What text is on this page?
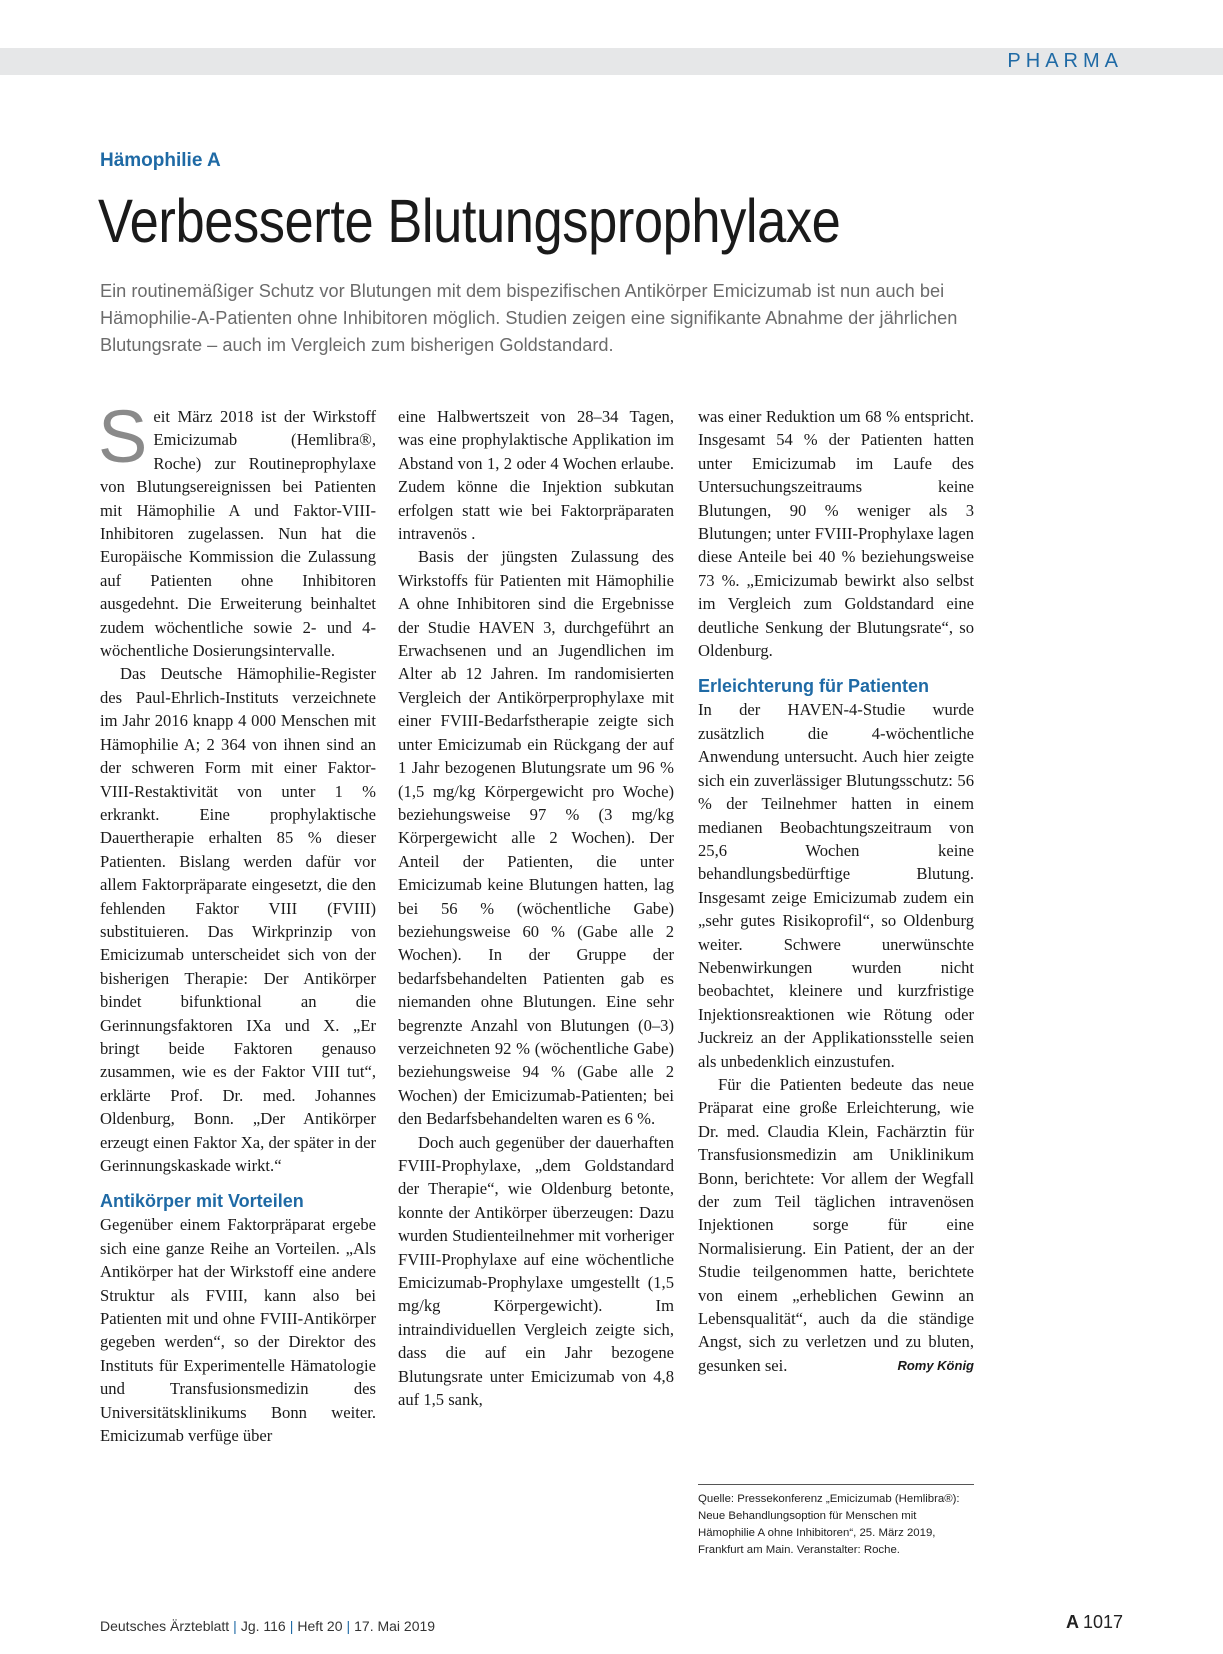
PHARMA
Hämophilie A
Verbesserte Blutungsprophylaxe

Ein routinemäßiger Schutz vor Blutungen mit dem bispezifischen Antikörper Emicizumab ist nun auch bei Hämophilie-A-Patienten ohne Inhibitoren möglich. Studien zeigen eine signifikante Abnahme der jährlichen Blutungsrate – auch im Vergleich zum bisherigen Goldstandard.

Seit März 2018 ist der Wirkstoff Emicizumab (Hemlibra®, Roche) zur Routineprophylaxe von Blutungsereignissen bei Patienten mit Hämophilie A und Faktor-VIII-Inhibitoren zugelassen. Nun hat die Europäische Kommission die Zulassung auf Patienten ohne Inhibitoren ausgedehnt. Die Erweiterung beinhaltet zudem wöchentliche sowie 2- und 4-wöchentliche Dosierungsintervalle.

Das Deutsche Hämophilie-Register des Paul-Ehrlich-Instituts verzeichnete im Jahr 2016 knapp 4 000 Menschen mit Hämophilie A; 2 364 von ihnen sind an der schweren Form mit einer Faktor-VIII-Restaktivität von unter 1 % erkrankt. Eine prophylaktische Dauertherapie erhalten 85 % dieser Patienten. Bislang werden dafür vor allem Faktorpräparate eingesetzt, die den fehlenden Faktor VIII (FVIII) substituieren. Das Wirkprinzip von Emicizumab unterscheidet sich von der bisherigen Therapie: Der Antikörper bindet bifunktional an die Gerinnungsfaktoren IXa und X. „Er bringt beide Faktoren genauso zusammen, wie es der Faktor VIII tut“, erklärte Prof. Dr. med. Johannes Oldenburg, Bonn. „Der Antikörper erzeugt einen Faktor Xa, der später in der Gerinnungskaskade wirkt.“

Antikörper mit Vorteilen

Gegenüber einem Faktorpräparat ergebe sich eine ganze Reihe an Vorteilen. „Als Antikörper hat der Wirkstoff eine andere Struktur als FVIII, kann also bei Patienten mit und ohne FVIII-Antikörper gegeben werden“, so der Direktor des Instituts für Experimentelle Hämatologie und Transfusionsmedizin des Universitätsklinikums Bonn weiter. Emicizumab verfüge über

eine Halbwertszeit von 28–34 Tagen, was eine prophylaktische Applikation im Abstand von 1, 2 oder 4 Wochen erlaube. Zudem könne die Injektion subkutan erfolgen statt wie bei Faktorpräparaten intravenös .

Basis der jüngsten Zulassung des Wirkstoffs für Patienten mit Hämophilie A ohne Inhibitoren sind die Ergebnisse der Studie HAVEN 3, durchgeführt an Erwachsenen und an Jugendlichen im Alter ab 12 Jahren. Im randomisierten Vergleich der Antikörperprophylaxe mit einer FVIII-Bedarfstherapie zeigte sich unter Emicizumab ein Rückgang der auf 1 Jahr bezogenen Blutungsrate um 96 % (1,5 mg/kg Körpergewicht pro Woche) beziehungsweise 97 % (3 mg/kg Körpergewicht alle 2 Wochen). Der Anteil der Patienten, die unter Emicizumab keine Blutungen hatten, lag bei 56 % (wöchentliche Gabe) beziehungsweise 60 % (Gabe alle 2 Wochen). In der Gruppe der bedarfsbehandelten Patienten gab es niemanden ohne Blutungen. Eine sehr begrenzte Anzahl von Blutungen (0–3) verzeichneten 92 % (wöchentliche Gabe) beziehungsweise 94 % (Gabe alle 2 Wochen) der Emicizumab-Patienten; bei den Bedarfsbehandelten waren es 6 %.

Doch auch gegenüber der dauerhaften FVIII-Prophylaxe, „dem Goldstandard der Therapie“, wie Oldenburg betonte, konnte der Antikörper überzeugen: Dazu wurden Studienteilnehmer mit vorheriger FVIII-Prophylaxe auf eine wöchentliche Emicizumab-Prophylaxe umgestellt (1,5 mg/kg Körpergewicht). Im intraindividuellen Vergleich zeigte sich, dass die auf ein Jahr bezogene Blutungsrate unter Emicizumab von 4,8 auf 1,5 sank,

was einer Reduktion um 68 % entspricht. Insgesamt 54 % der Patienten hatten unter Emicizumab im Laufe des Untersuchungszeitraums keine Blutungen, 90 % weniger als 3 Blutungen; unter FVIII-Prophylaxe lagen diese Anteile bei 40 % beziehungsweise 73 %. „Emicizumab bewirkt also selbst im Vergleich zum Goldstandard eine deutliche Senkung der Blutungsrate“, so Oldenburg.

Erleichterung für Patienten

In der HAVEN-4-Studie wurde zusätzlich die 4-wöchentliche Anwendung untersucht. Auch hier zeigte sich ein zuverlässiger Blutungsschutz: 56 % der Teilnehmer hatten in einem medianen Beobachtungszeitraum von 25,6 Wochen keine behandlungsbedürftige Blutung. Insgesamt zeige Emicizumab zudem ein „sehr gutes Risikoprofil“, so Oldenburg weiter. Schwere unerwünschte Nebenwirkungen wurden nicht beobachtet, kleinere und kurzfristige Injektionsreaktionen wie Rötung oder Juckreiz an der Applikationsstelle seien als unbedenklich einzustufen.

Für die Patienten bedeute das neue Präparat eine große Erleichterung, wie Dr. med. Claudia Klein, Fachärztin für Transfusionsmedizin am Uniklinikum Bonn, berichtete: Vor allem der Wegfall der zum Teil täglichen intravenösen Injektionen sorge für eine Normalisierung. Ein Patient, der an der Studie teilgenommen hatte, berichtete von einem „erheblichen Gewinn an Lebensqualität“, auch da die ständige Angst, sich zu verletzen und zu bluten, gesunken sei.	Romy König

Quelle: Pressekonferenz „Emicizumab (Hemlibra®): Neue Behandlungsoption für Menschen mit Hämophilie A ohne Inhibitoren“, 25. März 2019, Frankfurt am Main. Veranstalter: Roche.
Deutsches Ärzteblatt | Jg. 116 | Heft 20 | 17. Mai 2019	A 1017
